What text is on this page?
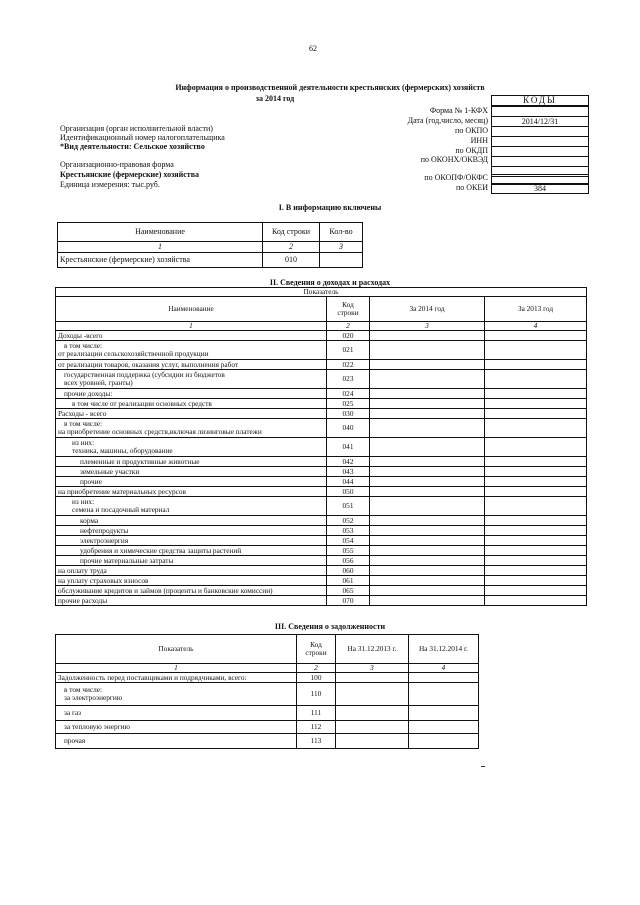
62
Информация о производственной деятельности крестьянских (фермерских) хозяйств
за 2014 год	КОДЫ
Форма № 1-КФХ
Дата (год,число, месяц)	2014/12/31
по ОКПО
ИНН
по ОКДП
по ОКОНХ/ОКВЭД
по ОКОПФ/ОКФС
по ОКЕИ	384
Организация (орган исполнительной власти)
Идентификационный номер налогоплательщика
*Вид деятельности: Сельское хозяйство
Организационно-правовая форма
Крестьянские (фермерские) хозяйства
Единица измерения: тыс.руб.
I. В информацию включены
Наименование	Код строки	Кол-во
1	2	3
Крестьянские (фермерские) хозяйства	010	
II. Сведения о доходах и расходах
Показатель			
Наименование	Код строки	За 2014 год	За 2013 год
1	2	3	4

Доходы -всего	020		

в том числе:
от реализации сельскохозяйственной продукции	021		

от реализации товаров, оказания услуг, выполнения работ	022		

государственная поддержка (субсидии из бюджетов
всех уровней, гранты)	023		

прочие доходы:	024		

в том числе от реализации основных средств	025		

Расходы - всего	030		

в том числе:
на приобретение основных средств,включая лизинговые платежи	040		

из них:
техника, машины, оборудование	041		

племенные и продуктивные животные	042		

земельные участки	043		

прочие	044		

на приобретение материальных ресурсов	050		

из них:
семена и посадочный материал	051		

корма	052		

нефтепродукты	053		

электроэнергия	054		

удобрения и химические средства защиты растений	055		

прочие материальные затраты	056		

на оплату труда	060		

на уплату страховых взносов	061		

обслуживание кредитов и займов (проценты и банковские комиссии)	065		

прочие расходы	070		
III. Сведения о задолженности
Показатель	Код строки	На 31.12.2013 г.	На 31.12.2014 г.
1	2	3	4

Задолженность перед поставщиками и подрядчиками, всего:	100		

в том числе:
за электроэнергию	110		

за газ	111		

за тепловую энергию	112		

прочая	113		
